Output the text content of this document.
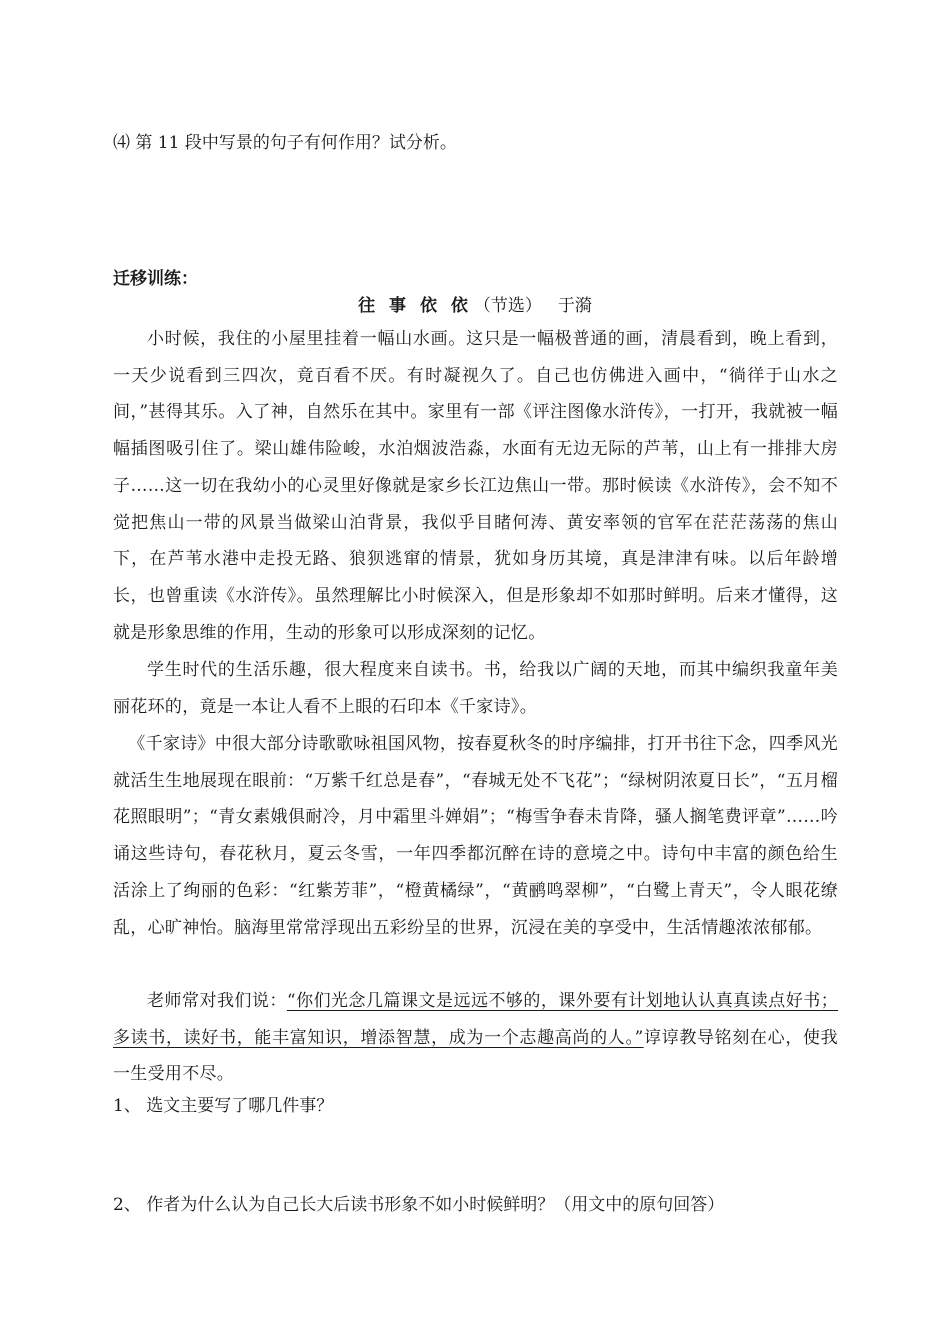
⑷ 第 11 段中写景的句子有何作用？试分析。
迁移训练：
往 事 依 依 （节选） 于漪

小时候，我住的小屋里挂着一幅山水画。这只是一幅极普通的画，清晨看到，晚上看到，一天少说看到三四次，竟百看不厌。有时凝视久了。自己也仿佛进入画中，“徜徉于山水之间，”甚得其乐。入了神，自然乐在其中。家里有一部《评注图像水浒传》，一打开，我就被一幅幅插图吸引住了。梁山雄伟险峻，水泊烟波浩淼，水面有无边无际的芦苇，山上有一排排大房子……这一切在我幼小的心灵里好像就是家乡长江边焦山一带。那时候读《水浒传》，会不知不觉把焦山一带的风景当做梁山泊背景，我似乎目睹何涛、黄安率领的官军在茫茫荡荡的焦山下，在芦苇水港中走投无路、狼狈逃窜的情景，犹如身历其境，真是津津有味。以后年龄增长，也曾重读《水浒传》。虽然理解比小时候深入，但是形象却不如那时鲜明。后来才懂得，这就是形象思维的作用，生动的形象可以形成深刻的记忆。

学生时代的生活乐趣，很大程度来自读书。书，给我以广阔的天地，而其中编织我童年美丽花环的，竟是一本让人看不上眼的石印本《千家诗》。

《千家诗》中很大部分诗歌歌咏祖国风物，按春夏秋冬的时序编排，打开书往下念，四季风光就活生生地展现在眼前：“万紫千红总是春”，“春城无处不飞花”；“绿树阴浓夏日长”，“五月榴花照眼明”；“青女素娥俱耐冷，月中霜里斗婵娟”；“梅雪争春未肯降，骚人搁笔费评章”……吟诵这些诗句，春花秋月，夏云冬雪，一年四季都沉醉在诗的意境之中。诗句中丰富的颜色给生活涂上了绚丽的色彩：“红紫芳菲”，“橙黄橘绿”，“黄鹂鸣翠柳”，“白鹭上青天”，令人眼花缭乱，心旷神怡。脑海里常常浮现出五彩纷呈的世界，沉浸在美的享受中，生活情趣浓浓郁郁。

老师常对我们说：“你们光念几篇课文是远远不够的，课外要有计划地认认真真读点好书；多读书，读好书，能丰富知识，增添智慧，成为一个志趣高尚的人。”谆谆教导铭刻在心，使我一生受用不尽。

1、 选文主要写了哪几件事？
2、 作者为什么认为自己长大后读书形象不如小时候鲜明？（用文中的原句回答）
